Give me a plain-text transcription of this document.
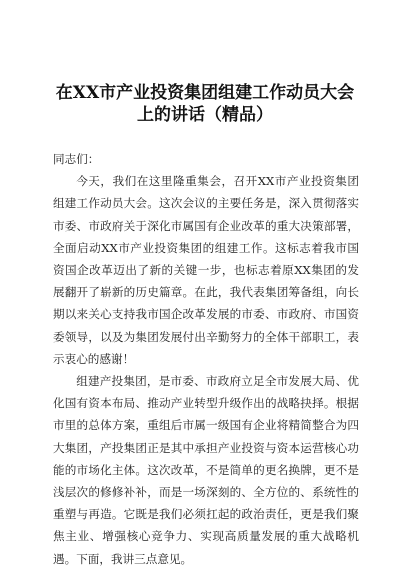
在XX市产业投资集团组建工作动员大会
上的讲话（精品）

同志们：

今天，我们在这里隆重集会，召开XX市产业投资集团组建工作动员大会。这次会议的主要任务是，深入贯彻落实市委、市政府关于深化市属国有企业改革的重大决策部署，全面启动XX市产业投资集团的组建工作。这标志着我市国资国企改革迈出了新的关键一步，也标志着原XX集团的发展翻开了崭新的历史篇章。在此，我代表集团筹备组，向长期以来关心支持我市国企改革发展的市委、市政府、市国资委领导，以及为集团发展付出辛勤努力的全体干部职工，表示衷心的感谢！

组建产投集团，是市委、市政府立足全市发展大局、优化国有资本布局、推动产业转型升级作出的战略抉择。根据市里的总体方案，重组后市属一级国有企业将精简整合为四大集团，产投集团正是其中承担产业投资与资本运营核心功能的市场化主体。这次改革，不是简单的更名换牌，更不是浅层次的修修补补，而是一场深刻的、全方位的、系统性的重塑与再造。它既是我们必须扛起的政治责任，更是我们聚焦主业、增强核心竞争力、实现高质量发展的重大战略机遇。下面，我讲三点意见。
